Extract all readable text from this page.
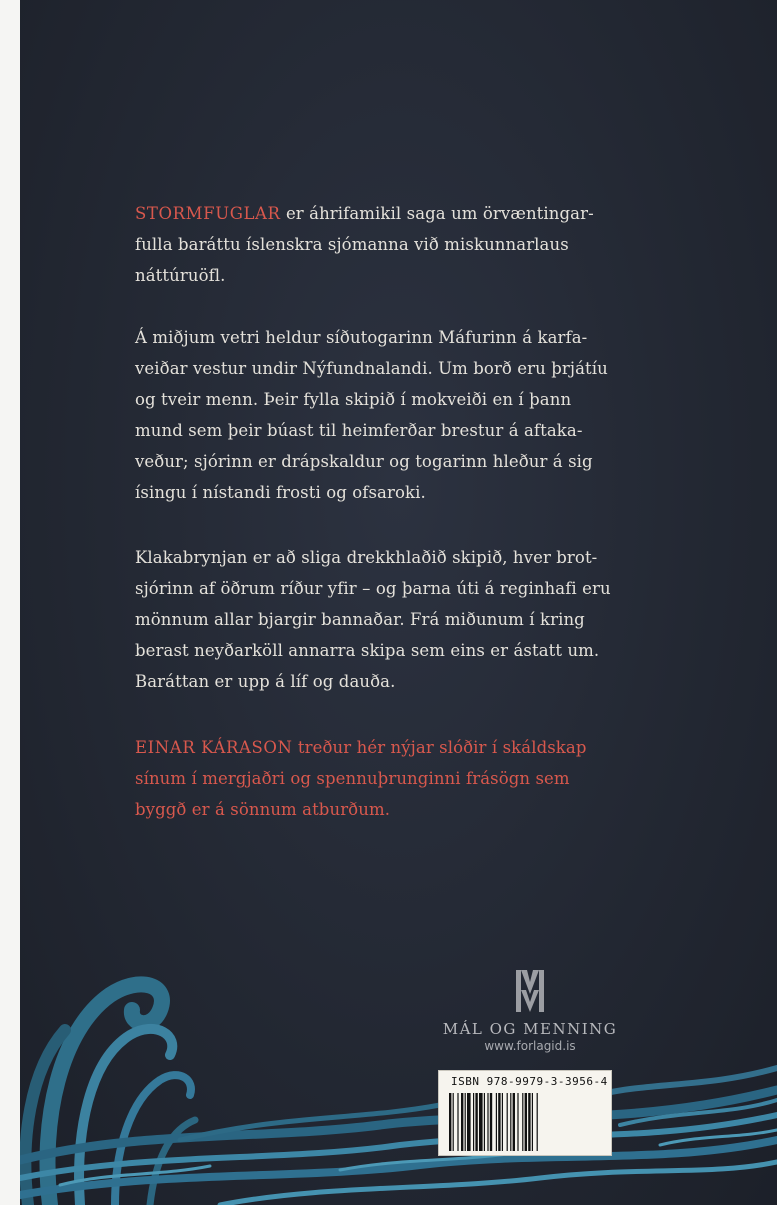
STORMFUGLAR er áhrifamikil saga um örvæntingar-
fulla baráttu íslenskra sjómanna við miskunnarlaus
náttúruöfl.

Á miðjum vetri heldur síðutogarinn Máfurinn á karfa-
veiðar vestur undir Nýfundnalandi. Um borð eru þrjátíu
og tveir menn. Þeir fylla skipið í mokveiði en í þann
mund sem þeir búast til heimferðar brestur á aftaka-
veður; sjórinn er drápskaldur og togarinn hleður á sig
ísingu í nístandi frosti og ofsaroki.

Klakabrynjan er að sliga drekkhlaðið skipið, hver brot-
sjórinn af öðrum ríður yfir – og þarna úti á reginhafi eru
mönnum allar bjargir bannaðar. Frá miðunum í kring
berast neyðarköll annarra skipa sem eins er ástatt um.
Baráttan er upp á líf og dauða.

EINAR KÁRASON treður hér nýjar slóðir í skáldskap
sínum í mergjaðri og spennuþrunginni frásögn sem
byggð er á sönnum atburðum.

MÁL OG MENNING
www.forlagid.is
ISBN 978-9979-3-3956-4
